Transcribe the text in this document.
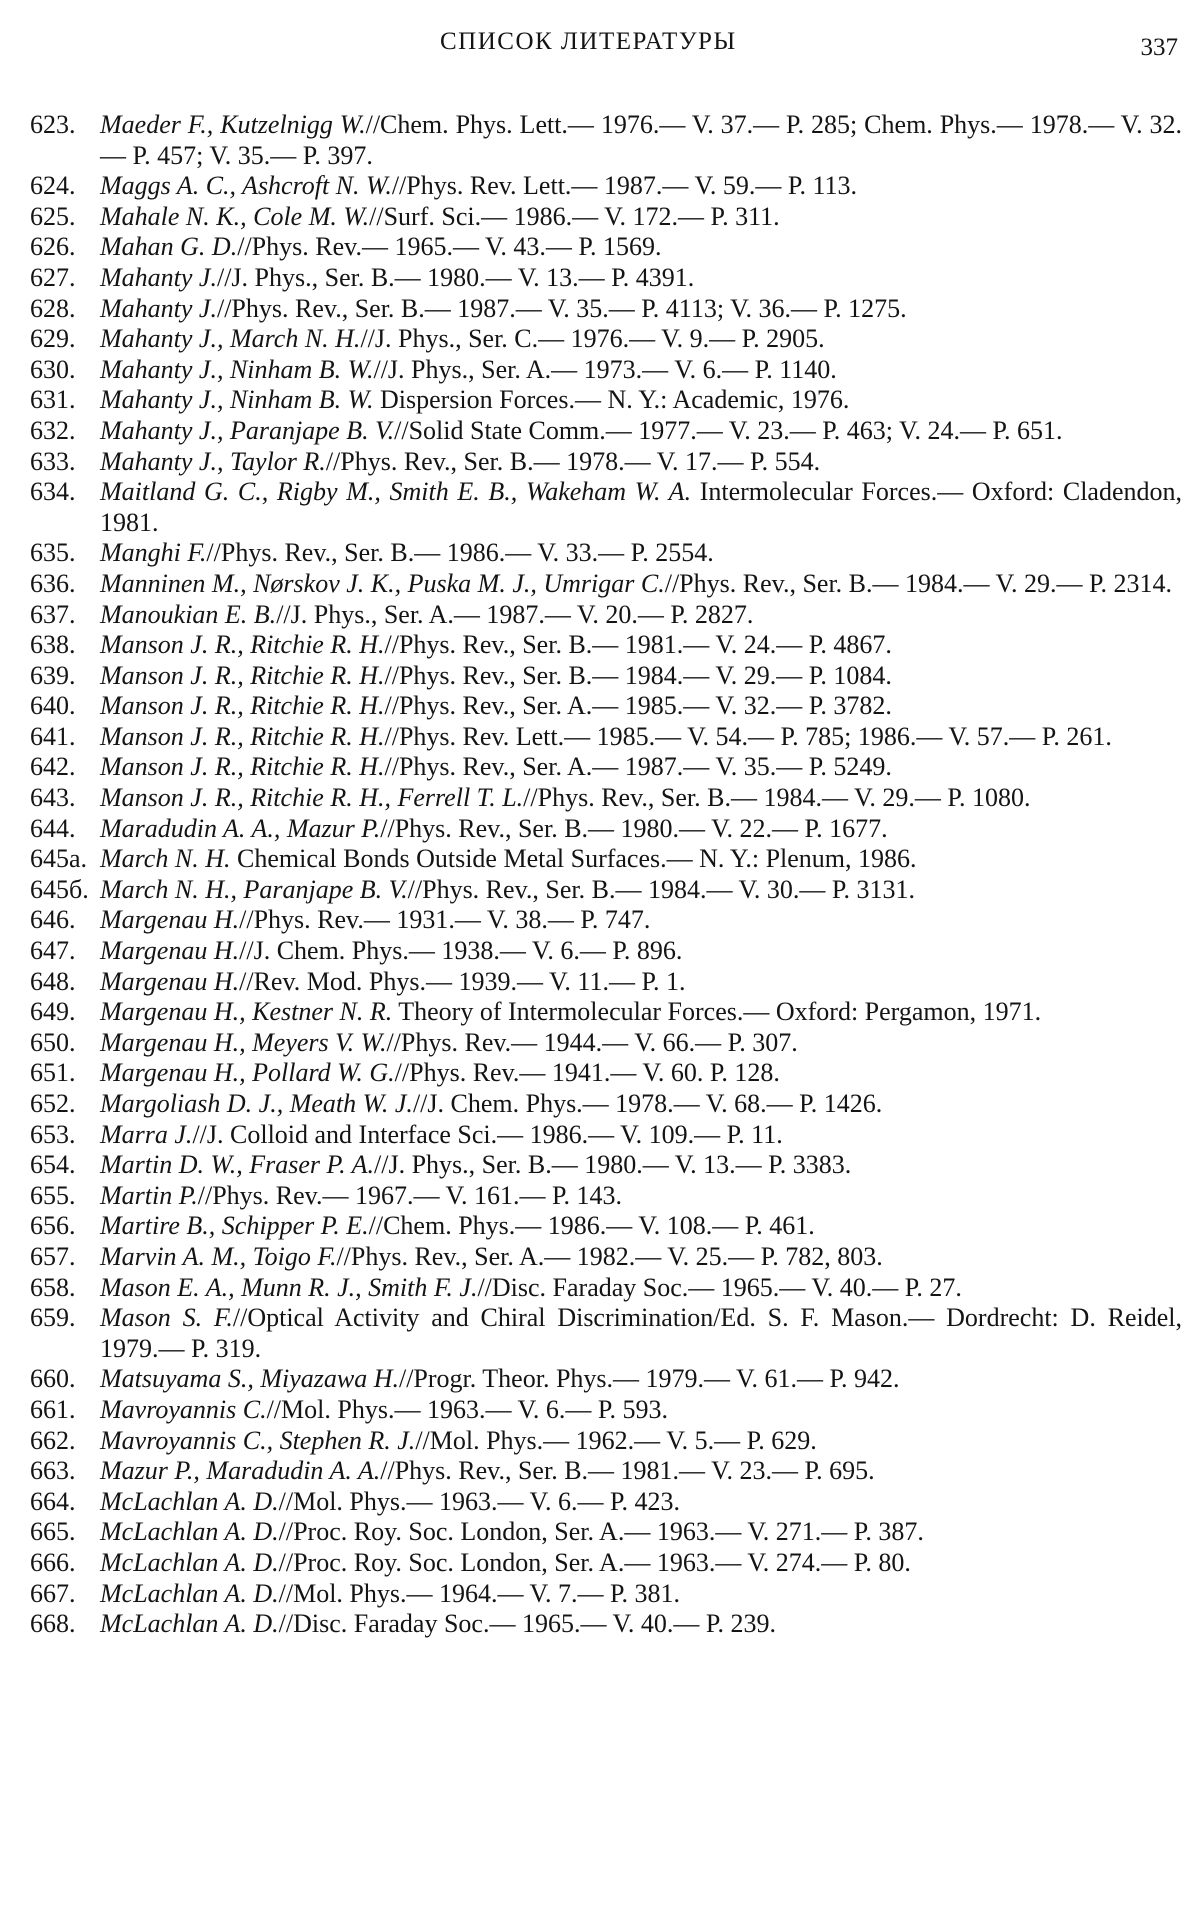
СПИСОК ЛИТЕРАТУРЫ	337
623. Maeder F., Kutzelnigg W.//Chem. Phys. Lett.— 1976.— V. 37.— P. 285; Chem. Phys.— 1978.— V. 32.— P. 457; V. 35.— P. 397.
624. Maggs A. C., Ashcroft N. W.//Phys. Rev. Lett.— 1987.— V. 59.— P. 113.
625. Mahale N. K., Cole M. W.//Surf. Sci.— 1986.— V. 172.— P. 311.
626. Mahan G. D.//Phys. Rev.— 1965.— V. 43.— P. 1569.
627. Mahanty J.//J. Phys., Ser. B.— 1980.— V. 13.— P. 4391.
628. Mahanty J.//Phys. Rev., Ser. B.— 1987.— V. 35.— P. 4113; V. 36.— P. 1275.
629. Mahanty J., March N. H.//J. Phys., Ser. C.— 1976.— V. 9.— P. 2905.
630. Mahanty J., Ninham B. W.//J. Phys., Ser. A.— 1973.— V. 6.— P. 1140.
631. Mahanty J., Ninham B. W. Dispersion Forces.— N. Y.: Academic, 1976.
632. Mahanty J., Paranjape B. V.//Solid State Comm.— 1977.— V. 23.— P. 463; V. 24.— P. 651.
633. Mahanty J., Taylor R.//Phys. Rev., Ser. B.— 1978.— V. 17.— P. 554.
634. Maitland G. C., Rigby M., Smith E. B., Wakeham W. A. Intermolecular Forces.— Oxford: Cladendon, 1981.
635. Manghi F.//Phys. Rev., Ser. B.— 1986.— V. 33.— P. 2554.
636. Manninen M., Nørskov J. K., Puska M. J., Umrigar C.//Phys. Rev., Ser. B.— 1984.— V. 29.— P. 2314.
637. Manoukian E. B.//J. Phys., Ser. A.— 1987.— V. 20.— P. 2827.
638. Manson J. R., Ritchie R. H.//Phys. Rev., Ser. B.— 1981.— V. 24.— P. 4867.
639. Manson J. R., Ritchie R. H.//Phys. Rev., Ser. B.— 1984.— V. 29.— P. 1084.
640. Manson J. R., Ritchie R. H.//Phys. Rev., Ser. A.— 1985.— V. 32.— P. 3782.
641. Manson J. R., Ritchie R. H.//Phys. Rev. Lett.— 1985.— V. 54.— P. 785; 1986.— V. 57.— P. 261.
642. Manson J. R., Ritchie R. H.//Phys. Rev., Ser. A.— 1987.— V. 35.— P. 5249.
643. Manson J. R., Ritchie R. H., Ferrell T. L.//Phys. Rev., Ser. B.— 1984.— V. 29.— P. 1080.
644. Maradudin A. A., Mazur P.//Phys. Rev., Ser. B.— 1980.— V. 22.— P. 1677.
645a. March N. H. Chemical Bonds Outside Metal Surfaces.— N. Y.: Plenum, 1986.
645б. March N. H., Paranjape B. V.//Phys. Rev., Ser. B.— 1984.— V. 30.— P. 3131.
646. Margenau H.//Phys. Rev.— 1931.— V. 38.— P. 747.
647. Margenau H.//J. Chem. Phys.— 1938.— V. 6.— P. 896.
648. Margenau H.//Rev. Mod. Phys.— 1939.— V. 11.— P. 1.
649. Margenau H., Kestner N. R. Theory of Intermolecular Forces.— Oxford: Pergamon, 1971.
650. Margenau H., Meyers V. W.//Phys. Rev.— 1944.— V. 66.— P. 307.
651. Margenau H., Pollard W. G.//Phys. Rev.— 1941.— V. 60. P. 128.
652. Margoliash D. J., Meath W. J.//J. Chem. Phys.— 1978.— V. 68.— P. 1426.
653. Marra J.//J. Colloid and Interface Sci.— 1986.— V. 109.— P. 11.
654. Martin D. W., Fraser P. A.//J. Phys., Ser. B.— 1980.— V. 13.— P. 3383.
655. Martin P.//Phys. Rev.— 1967.— V. 161.— P. 143.
656. Martire B., Schipper P. E.//Chem. Phys.— 1986.— V. 108.— P. 461.
657. Marvin A. M., Toigo F.//Phys. Rev., Ser. A.— 1982.— V. 25.— P. 782, 803.
658. Mason E. A., Munn R. J., Smith F. J.//Disc. Faraday Soc.— 1965.— V. 40.— P. 27.
659. Mason S. F.//Optical Activity and Chiral Discrimination/Ed. S. F. Mason.— Dordrecht: D. Reidel, 1979.— P. 319.
660. Matsuyama S., Miyazawa H.//Progr. Theor. Phys.— 1979.— V. 61.— P. 942.
661. Mavroyannis C.//Mol. Phys.— 1963.— V. 6.— P. 593.
662. Mavroyannis C., Stephen R. J.//Mol. Phys.— 1962.— V. 5.— P. 629.
663. Mazur P., Maradudin A. A.//Phys. Rev., Ser. B.— 1981.— V. 23.— P. 695.
664. McLachlan A. D.//Mol. Phys.— 1963.— V. 6.— P. 423.
665. McLachlan A. D.//Proc. Roy. Soc. London, Ser. A.— 1963.— V. 271.— P. 387.
666. McLachlan A. D.//Proc. Roy. Soc. London, Ser. A.— 1963.— V. 274.— P. 80.
667. McLachlan A. D.//Mol. Phys.— 1964.— V. 7.— P. 381.
668. McLachlan A. D.//Disc. Faraday Soc.— 1965.— V. 40.— P. 239.
